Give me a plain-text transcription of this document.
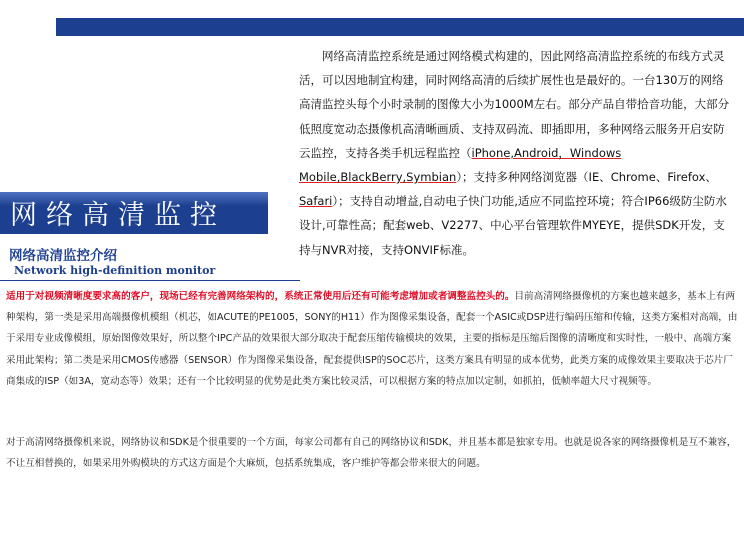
网络高清监控系统是通过网络模式构建的，因此网络高清监控系统的布线方式灵活，可以因地制宜构建，同时网络高清的后续扩展性也是最好的。一台130万的网络高清监控头每个小时录制的图像大小为1000M左右。部分产品自带拾音功能，大部分低照度宽动态摄像机高清晰画质、支持双码流、即插即用，多种网络云服务开启安防云监控，支持各类手机远程监控（iPhone,Android，Windows Mobile,BlackBerry,Symbian）；支持多种网络浏览器（IE、Chrome、Firefox、Safari）；支持自动增益,自动电子快门功能,适应不同监控环境；符合IP66级防尘防水设计,可靠性高；配套web、V2277、中心平台管理软件MYEYE，提供SDK开发，支持与NVR对接，支持ONVIF标准。
网络高清监控
网络高清监控介绍
Network high-definition monitor
适用于对视频清晰度要求高的客户，现场已经有完善网络架构的，系统正常使用后还有可能考虑增加或者调整监控头的。目前高清网络摄像机的方案也越来越多，基本上有两种架构，第一类是采用高端摄像机模组（机芯，如ACUTE的PE1005，SONY的H11）作为图像采集设备，配套一个ASIC或DSP进行编码压缩和传输，这类方案相对高端，由于采用专业成像模组，原始图像效果好，所以整个IPC产品的效果很大部分取决于配套压缩传输模块的效果，主要的指标是压缩后图像的清晰度和实时性，一般中、高端方案采用此架构；第二类是采用CMOS传感器（SENSOR）作为图像采集设备，配套提供ISP的SOC芯片，这类方案具有明显的成本优势，此类方案的成像效果主要取决于芯片厂商集成的ISP（如3A，宽动态等）效果；还有一个比较明显的优势是此类方案比较灵活，可以根据方案的特点加以定制，如抓拍，低帧率超大尺寸视频等。
对于高清网络摄像机来说，网络协议和SDK是个很重要的一个方面，每家公司都有自己的网络协议和SDK，并且基本都是独家专用。也就是说各家的网络摄像机是互不兼容，不让互相替换的，如果采用外购模块的方式这方面是个大麻烦，包括系统集成，客户维护等都会带来很大的问题。
